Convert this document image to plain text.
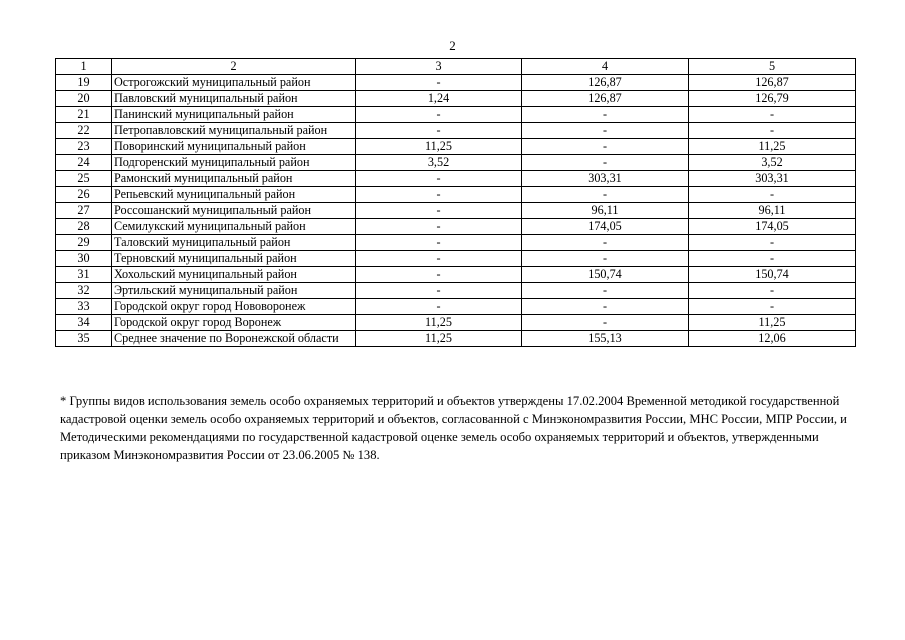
2
1	2	3	4	5
19	Острогожский муниципальный район	-	126,87	126,87
20	Павловский муниципальный район	1,24	126,87	126,79
21	Панинский муниципальный район	-	-	-
22	Петропавловский муниципальный район	-	-	-
23	Поворинский муниципальный район	11,25	-	11,25
24	Подгоренский муниципальный район	3,52	-	3,52
25	Рамонский муниципальный район	-	303,31	303,31
26	Репьевский муниципальный район	-	-	-
27	Россошанский муниципальный район	-	96,11	96,11
28	Семилукский муниципальный район	-	174,05	174,05
29	Таловский муниципальный район	-	-	-
30	Терновский муниципальный район	-	-	-
31	Хохольский муниципальный район	-	150,74	150,74
32	Эртильский муниципальный район	-	-	-
33	Городской округ город Нововоронеж	-	-	-
34	Городской округ город Воронеж	11,25	-	11,25
35	Среднее значение по Воронежской области	11,25	155,13	12,06
* Группы видов использования земель особо охраняемых территорий и объектов утверждены 17.02.2004 Временной методикой государственной кадастровой оценки земель особо охраняемых территорий и объектов, согласованной с Минэкономразвития России, МНС России, МПР России, и Методическими рекомендациями по государственной кадастровой оценке земель особо охраняемых территорий и объектов, утвержденными приказом Минэкономразвития России от 23.06.2005 № 138.
